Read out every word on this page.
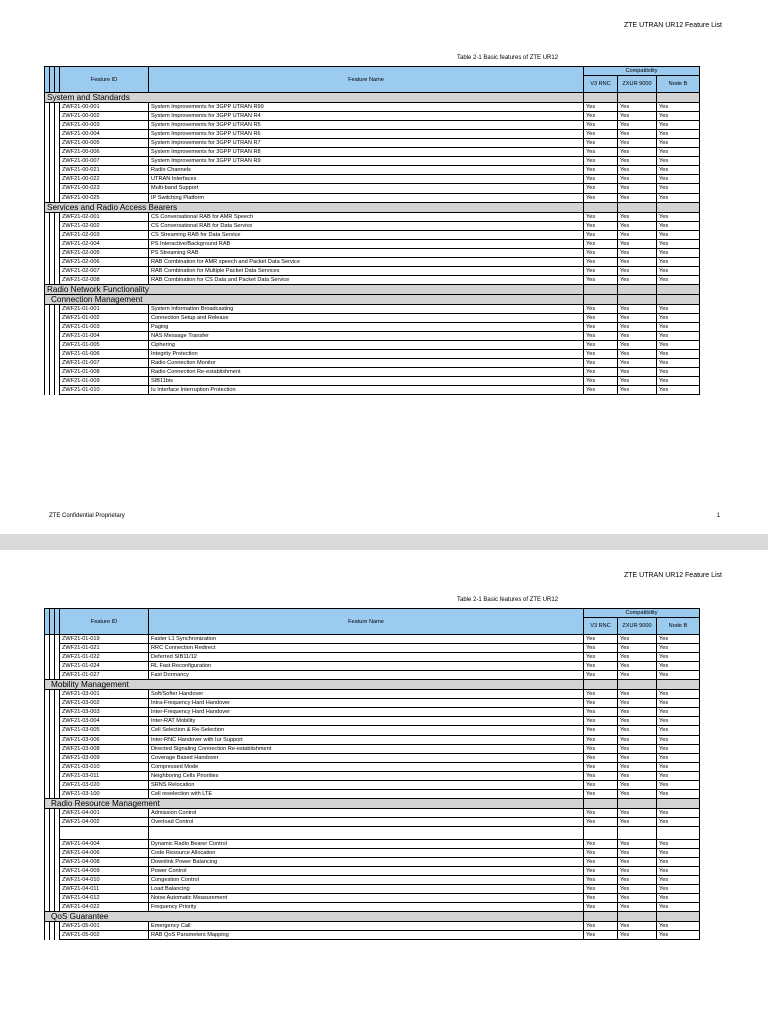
ZTE UTRAN UR12 Feature List
Table 2-1 Basic features of ZTE UR12
			Feature ID	Feature Name	Compatibility		
					V3 RNC	ZXUR 9000	Node B

System and Standards							

			ZWF21-00-001	System Improvements for 3GPP UTRAN R99	Yes	Yes	Yes
			ZWF21-00-002	System Improvements for 3GPP UTRAN R4	Yes	Yes	Yes
			ZWF21-00-003	System Improvements for 3GPP UTRAN R5	Yes	Yes	Yes
			ZWF21-00-004	System Improvements for 3GPP UTRAN R6	Yes	Yes	Yes
			ZWF21-00-005	System Improvements for 3GPP UTRAN R7	Yes	Yes	Yes
			ZWF21-00-006	System Improvements for 3GPP UTRAN R8	Yes	Yes	Yes
			ZWF21-00-007	System Improvements for 3GPP UTRAN R9	Yes	Yes	Yes
			ZWF21-00-021	Radio Channels	Yes	Yes	Yes
			ZWF21-00-022	UTRAN Interfaces	Yes	Yes	Yes
			ZWF21-00-023	Multi-band Support	Yes	Yes	Yes
			ZWF21-00-025	IP Switching Platform	Yes	Yes	Yes

Services and Radio Access Bearers							

			ZWF21-02-001	CS Conversational RAB for AMR Speech	Yes	Yes	Yes
			ZWF21-02-002	CS Conversational RAB for Data Service	Yes	Yes	Yes
			ZWF21-02-003	CS Streaming RAB for Data Service	Yes	Yes	Yes
			ZWF21-02-004	PS Interactive/Background RAB	Yes	Yes	Yes
			ZWF21-02-005	PS Streaming RAB	Yes	Yes	Yes
			ZWF21-02-006	RAB Combination for AMR speech and Packet Data Service	Yes	Yes	Yes
			ZWF21-02-007	RAB Combination for Multiple Packet Data Services	Yes	Yes	Yes
			ZWF21-02-008	RAB Combination for CS Data and Packet Data Service	Yes	Yes	Yes

Radio Network Functionality							

Connection Management							

			ZWF21-01-001	System Information Broadcasting	Yes	Yes	Yes
			ZWF21-01-002	Connection Setup and Release	Yes	Yes	Yes
			ZWF21-01-003	Paging	Yes	Yes	Yes
			ZWF21-01-004	NAS Message Transfer	Yes	Yes	Yes
			ZWF21-01-005	Ciphering	Yes	Yes	Yes
			ZWF21-01-006	Integrity Protection	Yes	Yes	Yes
			ZWF21-01-007	Radio Connection Monitor	Yes	Yes	Yes
			ZWF21-01-008	Radio Connection Re-establishment	Yes	Yes	Yes
			ZWF21-01-009	SIB11bis	Yes	Yes	Yes
			ZWF21-01-010	Iu Interface Interruption Protection	Yes	Yes	Yes
ZTE Confidential Proprietary	1
ZTE UTRAN UR12 Feature List
Table 2-1 Basic features of ZTE UR12
			Feature ID	Feature Name	Compatibility		
					V3 RNC	ZXUR 9000	Node B
			ZWF21-01-019	Faster L1 Synchronization	Yes	Yes	Yes
			ZWF21-01-021	RRC Connection Redirect	Yes	Yes	Yes
			ZWF21-01-022	Deferred SIB11/12	Yes	Yes	Yes
			ZWF21-01-024	RL Fast Reconfiguration	Yes	Yes	Yes
			ZWF21-01-027	Fast Dormancy	Yes	Yes	Yes

Mobility Management							

			ZWF21-03-001	Soft/Softer Handover	Yes	Yes	Yes
			ZWF21-03-002	Intra-Frequency Hard Handover	Yes	Yes	Yes
			ZWF21-03-003	Inter-Frequency Hard Handover	Yes	Yes	Yes
			ZWF21-03-004	Inter-RAT Mobility	Yes	Yes	Yes
			ZWF21-03-005	Cell Selection & Re-Selection	Yes	Yes	Yes
			ZWF21-03-006	Inter-RNC Handover with Iur Support	Yes	Yes	Yes
			ZWF21-03-008	Directed Signaling Connection Re-establishment	Yes	Yes	Yes
			ZWF21-03-009	Coverage Based Handover	Yes	Yes	Yes
			ZWF21-03-010	Compressed Mode	Yes	Yes	Yes
			ZWF21-03-011	Neighboring Cells Priorities	Yes	Yes	Yes
			ZWF21-03-020	SRNS Relocation	Yes	Yes	Yes
			ZWF21-03-100	Cell reselection with LTE	Yes	Yes	Yes

Radio Resource Management							

			ZWF21-04-001	Admission Control	Yes	Yes	Yes
			ZWF21-04-002	Overload Control	Yes	Yes	Yes

			ZWF21-04-004	Dynamic Radio Bearer Control	Yes	Yes	Yes
			ZWF21-04-006	Code Resource Allocation	Yes	Yes	Yes
			ZWF21-04-008	Downlink Power Balancing	Yes	Yes	Yes
			ZWF21-04-009	Power Control	Yes	Yes	Yes
			ZWF21-04-010	Congestion Control	Yes	Yes	Yes
			ZWF21-04-011	Load Balancing	Yes	Yes	Yes
			ZWF21-04-012	Noise Automatic Measurement	Yes	Yes	Yes
			ZWF21-04-022	Frequency Priority	Yes	Yes	Yes

QoS Guarantee							

			ZWF21-05-001	Emergency Call	Yes	Yes	Yes
			ZWF21-05-002	RAB QoS Parameters Mapping	Yes	Yes	Yes
